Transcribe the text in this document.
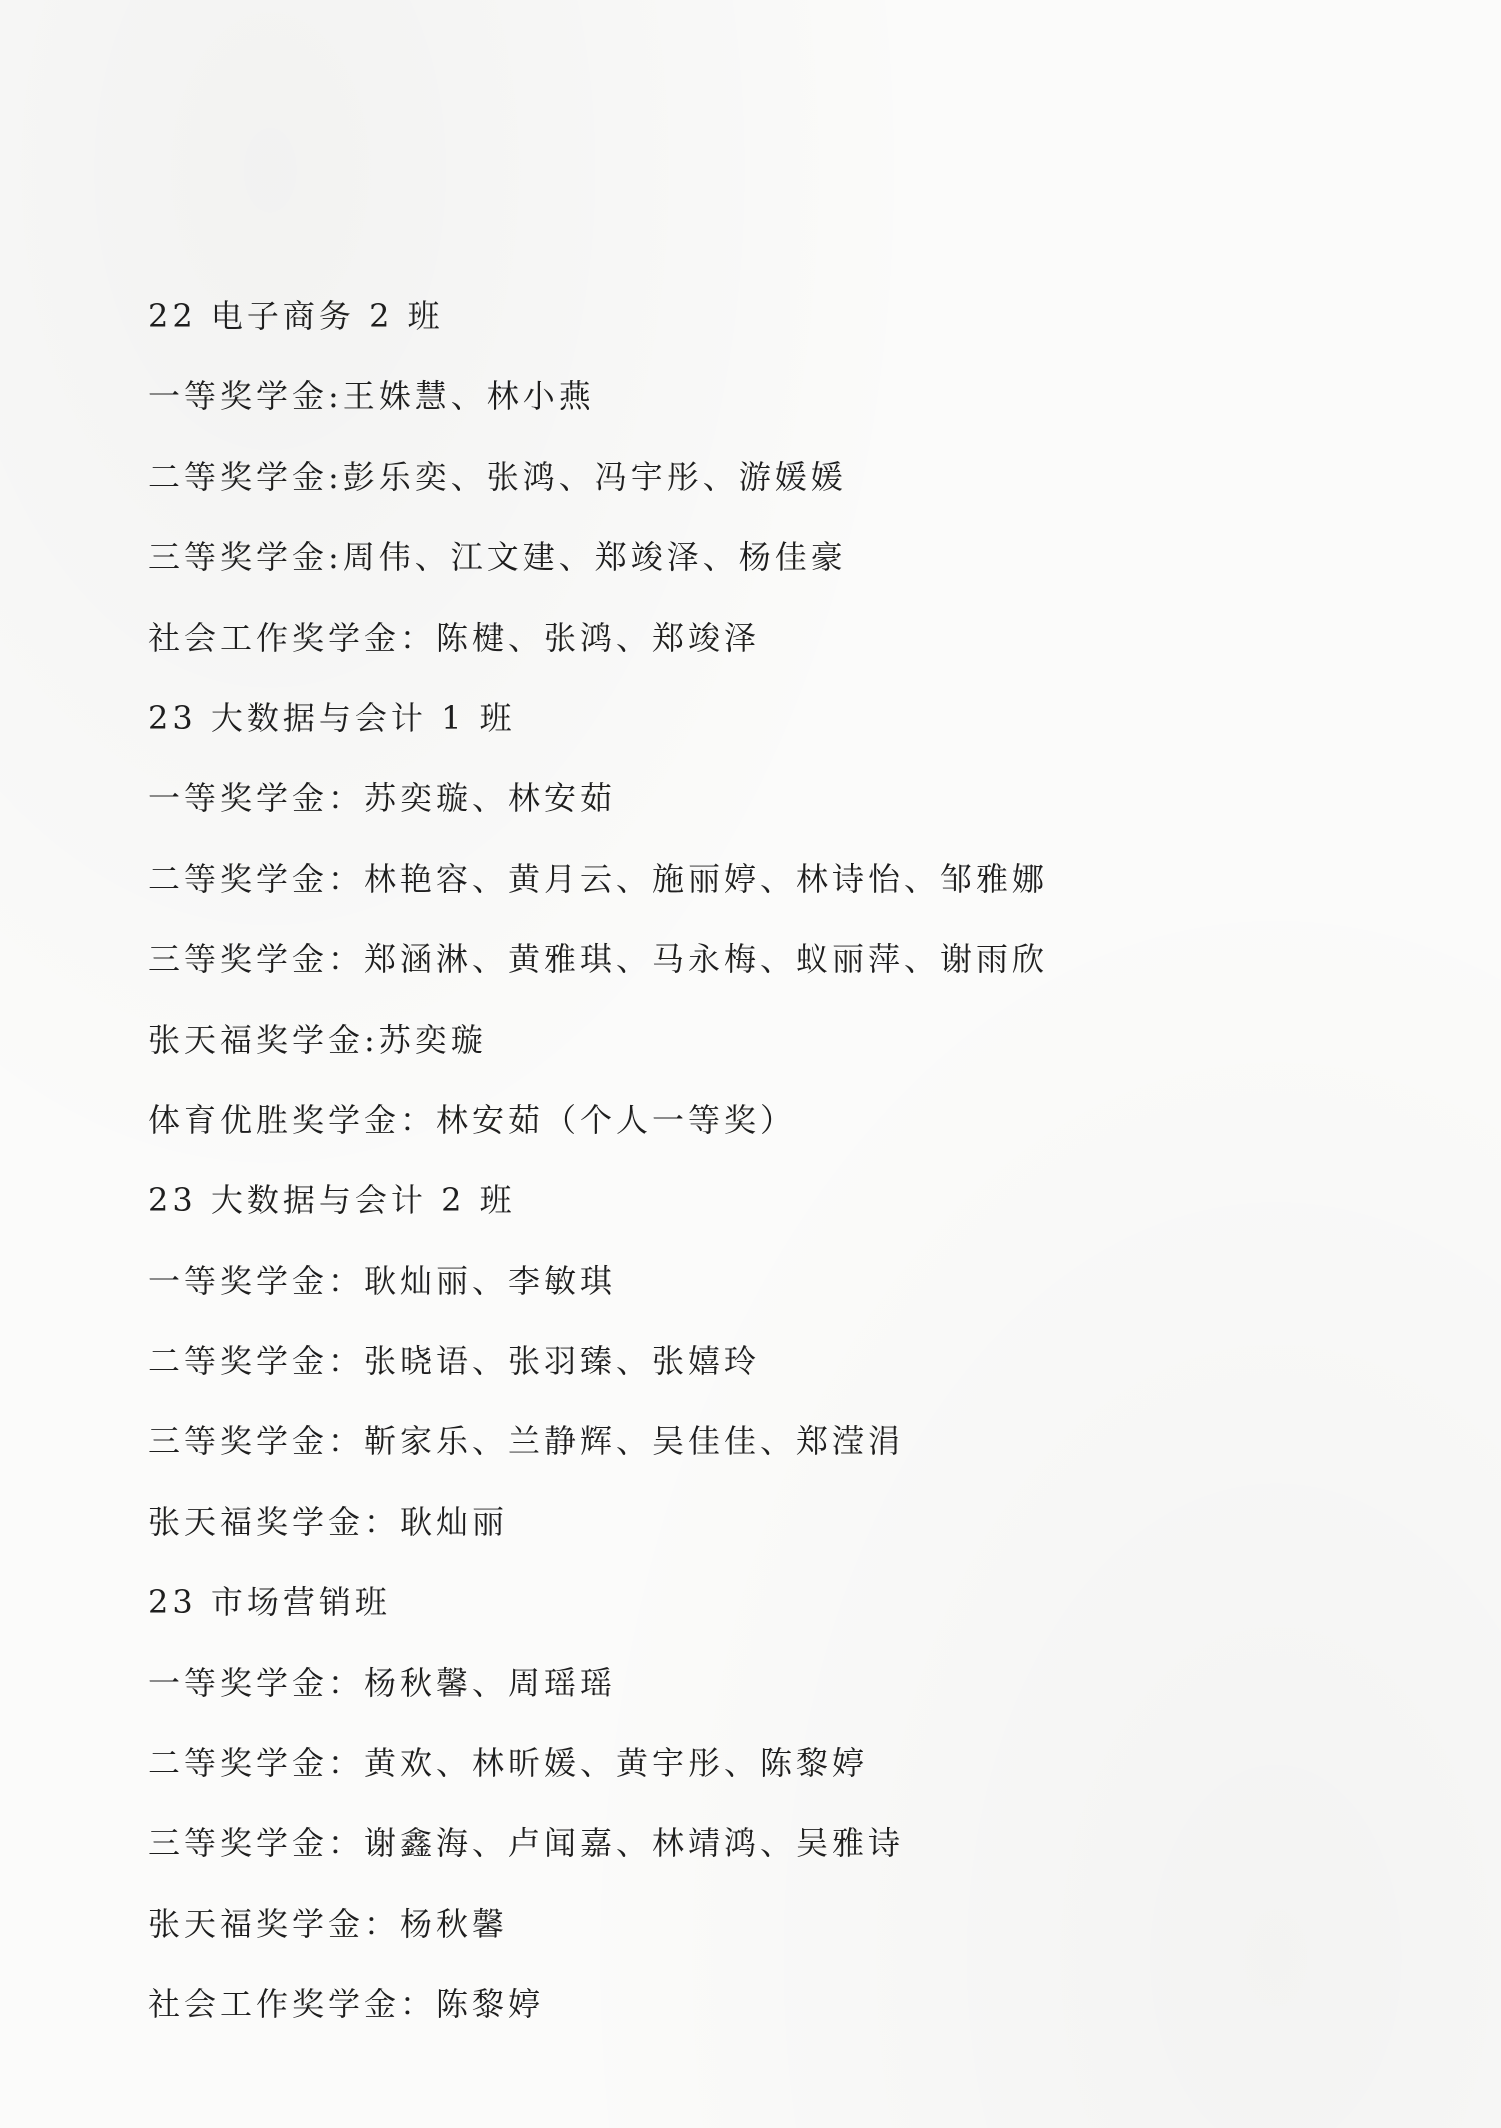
22 电子商务 2 班
一等奖学金:王姝慧、林小燕
二等奖学金:彭乐奕、张鸿、冯宇彤、游媛媛
三等奖学金:周伟、江文建、郑竣泽、杨佳豪
社会工作奖学金：陈楗、张鸿、郑竣泽
23 大数据与会计 1 班
一等奖学金：苏奕璇、林安茹
二等奖学金：林艳容、黄月云、施丽婷、林诗怡、邹雅娜
三等奖学金：郑涵淋、黄雅琪、马永梅、蚁丽萍、谢雨欣
张天福奖学金:苏奕璇
体育优胜奖学金：林安茹（个人一等奖）
23 大数据与会计 2 班
一等奖学金：耿灿丽、李敏琪
二等奖学金：张晓语、张羽臻、张嬉玲
三等奖学金：靳家乐、兰静辉、吴佳佳、郑滢涓
张天福奖学金：耿灿丽
23 市场营销班
一等奖学金：杨秋馨、周瑶瑶
二等奖学金：黄欢、林昕媛、黄宇彤、陈黎婷
三等奖学金：谢鑫海、卢闻嘉、林靖鸿、吴雅诗
张天福奖学金：杨秋馨
社会工作奖学金：陈黎婷
